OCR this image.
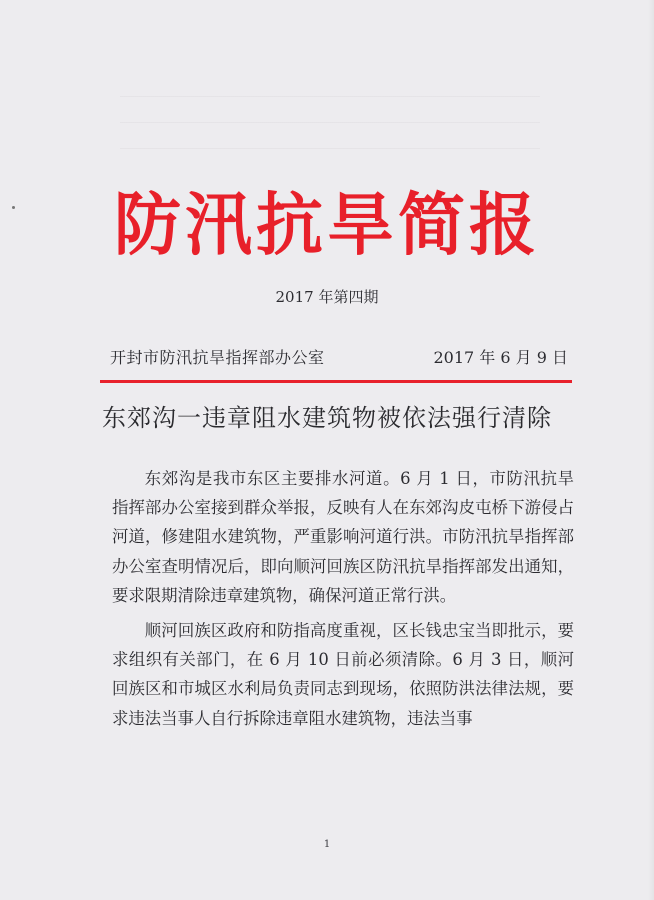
防汛抗旱简报
2017 年第四期
开封市防汛抗旱指挥部办公室	2017 年 6 月 9 日
东郊沟一违章阻水建筑物被依法强行清除

东郊沟是我市东区主要排水河道。6 月 1 日，市防汛抗旱指挥部办公室接到群众举报，反映有人在东郊沟皮屯桥下游侵占河道，修建阻水建筑物，严重影响河道行洪。市防汛抗旱指挥部办公室查明情况后，即向顺河回族区防汛抗旱指挥部发出通知，要求限期清除违章建筑物，确保河道正常行洪。

顺河回族区政府和防指高度重视，区长钱忠宝当即批示，要求组织有关部门，在 6 月 10 日前必须清除。6 月 3 日，顺河回族区和市城区水利局负责同志到现场，依照防洪法律法规，要求违法当事人自行拆除违章阻水建筑物，违法当事

1
